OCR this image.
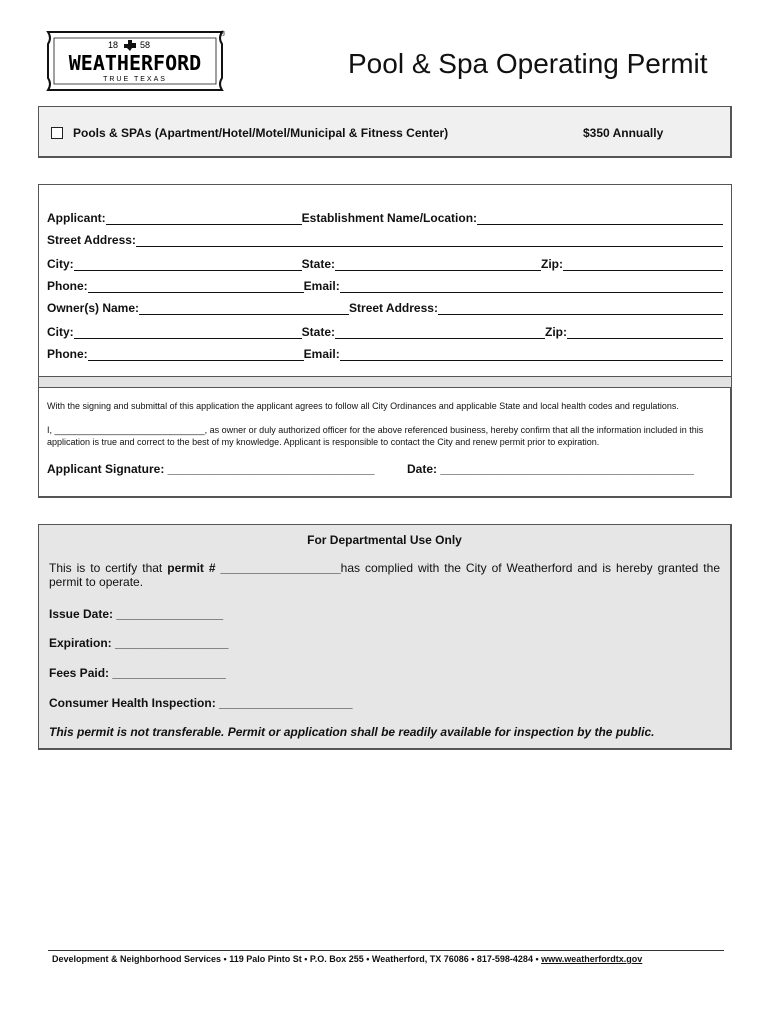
18 58
WEATHERFORD
TRUE TEXAS
®
Pool & Spa Operating Permit
Pools & SPAs (Apartment/Hotel/Motel/Municipal & Fitness Center)	$350 Annually
Applicant:	Establishment Name/Location:
Street Address:
City:	State:	Zip:
Phone:	Email:
Owner(s) Name:	Street Address:
City:	State:	Zip:
Phone:	Email:
With the signing and submittal of this application the applicant agrees to follow all City Ordinances and applicable State and local health codes and regulations.
I, ______________________________, as owner or duly authorized officer for the above referenced business, hereby confirm that all the information included in this application is true and correct to the best of my knowledge. Applicant is responsible to contact the City and renew permit prior to expiration.
Applicant Signature: _______________________________	Date: ______________________________________
For Departmental Use Only
This is to certify that permit # __________________has complied with the City of Weatherford and is hereby granted the permit to operate.
Issue Date: ________________
Expiration: _________________
Fees Paid: _________________
Consumer Health Inspection: ____________________
This permit is not transferable. Permit or application shall be readily available for inspection by the public.
Development & Neighborhood Services • 119 Palo Pinto St • P.O. Box 255 • Weatherford, TX 76086 • 817-598-4284 • www.weatherfordtx.gov
